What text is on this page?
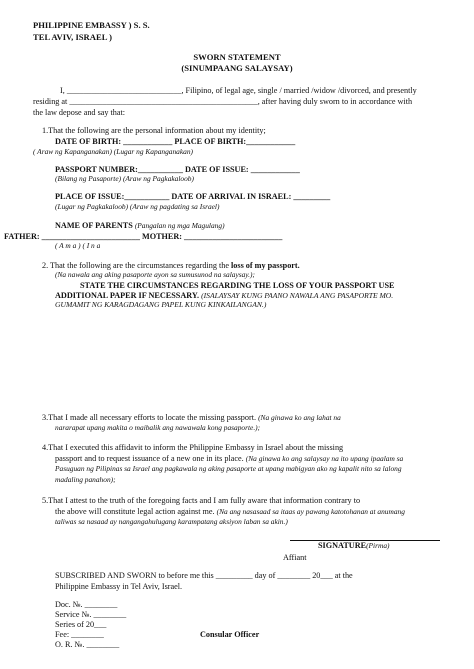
PHILIPPINE EMBASSY ) S. S.
TEL AVIV, ISRAEL )
SWORN STATEMENT
(SINUMPAANG SALAYSAY)
I, ____________________________, Filipino, of legal age, single / married /widow /divorced, and presently
residing at ______________________________________________, after having duly sworn to in accordance with
the law depose and say that:
1.That the following are the personal information about my identity;
DATE OF BIRTH: ____________ PLACE OF BIRTH:____________
( Araw ng Kapanganakan) (Lugar ng Kapanganakan)
PASSPORT NUMBER:___________ DATE OF ISSUE: ____________
(Bilang ng Pasaporte) (Araw ng Pagkakaloob)
PLACE OF ISSUE:___________ DATE OF ARRIVAL IN ISRAEL: _________
(Lugar ng Pagkakaloob) (Araw ng pagdating sa Israel)
NAME OF PARENTS (Pangalan ng mga Magulang)
FATHER: ________________________ MOTHER: ________________________
( A m a ) ( I n a
2. That the following are the circumstances regarding the loss of my passport.
(Na nawala ang aking pasaporte ayon sa sumusunod na salaysay.);
STATE THE CIRCUMSTANCES REGARDING THE LOSS OF YOUR PASSPORT USE
ADDITIONAL PAPER IF NECESSARY. (ISALAYSAY KUNG PAANO NAWALA ANG PASAPORTE MO.
GUMAMIT NG KARAGDAGANG PAPEL KUNG KINKAILANGAN.)
3.That I made all necessary efforts to locate the missing passport. (Na ginawa ko ang lahat na
nararapat upang makita o maibalik ang nawawala kong pasaporte.);
4.That I executed this affidavit to inform the Philippine Embassy in Israel about the missing
passport and to request issuance of a new one in its place. (Na ginawa ko ang salaysay na ito upang ipaalam sa
Pasuguan ng Pilipinas sa Israel ang pagkawala ng aking pasaporte at upang mabigyan ako ng kapalit nito sa lalong
madaling panahon);
5.That I attest to the truth of the foregoing facts and I am fully aware that information contrary to
the above will constitute legal action against me. (Na ang nasasaad sa itaas ay pawang katotohanan at anumang
taliwas sa nasaad ay nangangahulugang karampatang aksiyon laban sa akin.)
SIGNATURE(Pirma)
Affiant
SUBSCRIBED AND SWORN to before me this _________ day of ________ 20___ at the
Philippine Embassy in Tel Aviv, Israel.
Doc. №. ________
Service №. ________
Series of 20___
Fee: ________	Consular Officer
O. R. №. ________
